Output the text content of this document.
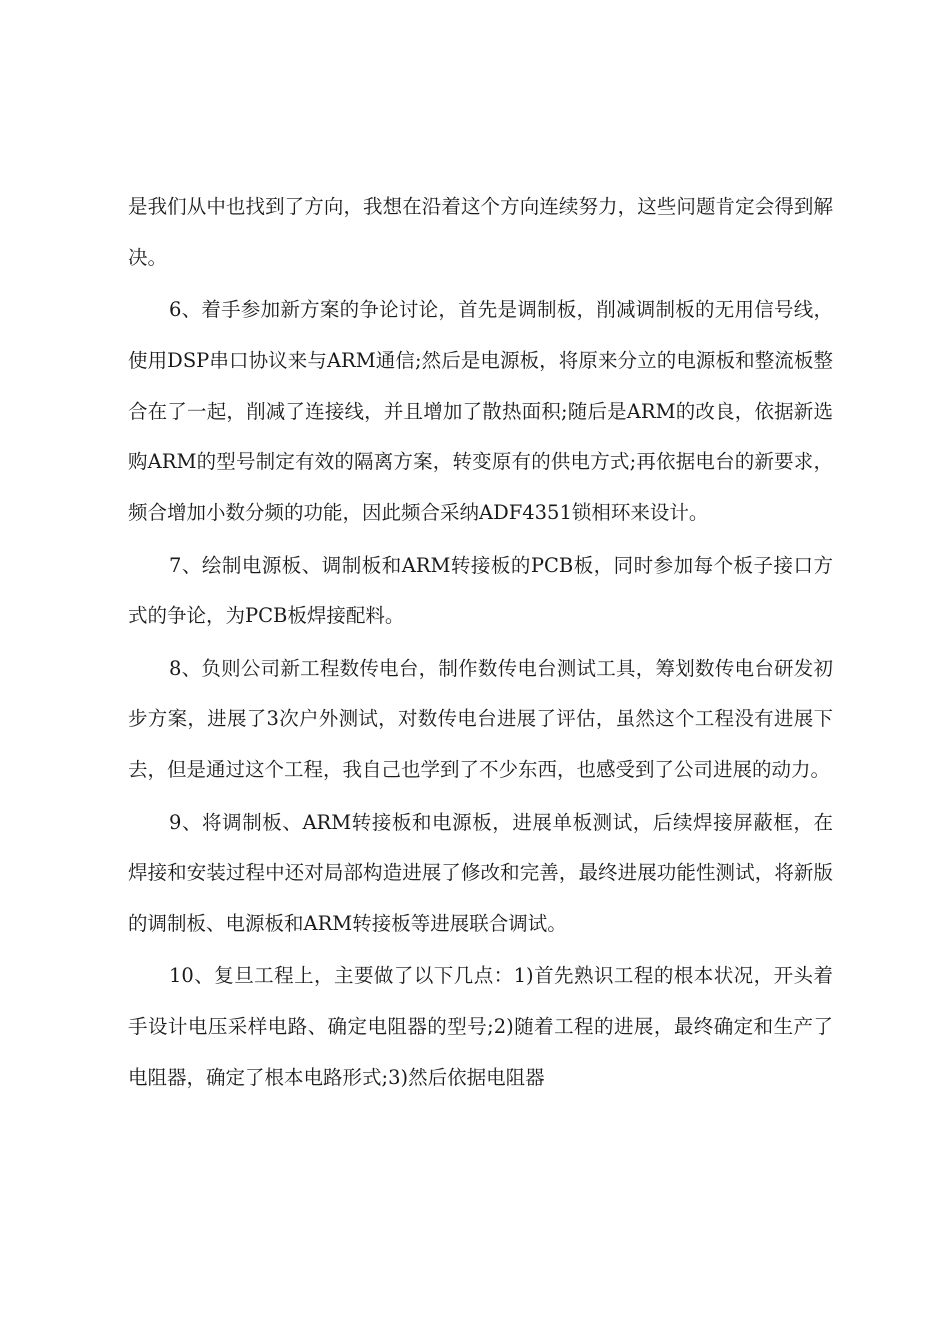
是我们从中也找到了方向，我想在沿着这个方向连续努力，这些问题肯定会得到解决。

6、着手参加新方案的争论讨论，首先是调制板，削减调制板的无用信号线，使用DSP串口协议来与ARM通信;然后是电源板，将原来分立的电源板和整流板整合在了一起，削减了连接线，并且增加了散热面积;随后是ARM的改良，依据新选购ARM的型号制定有效的隔离方案，转变原有的供电方式;再依据电台的新要求，频合增加小数分频的功能，因此频合采纳ADF4351锁相环来设计。

7、绘制电源板、调制板和ARM转接板的PCB板，同时参加每个板子接口方式的争论，为PCB板焊接配料。

8、负则公司新工程数传电台，制作数传电台测试工具，筹划数传电台研发初步方案，进展了3次户外测试，对数传电台进展了评估，虽然这个工程没有进展下去，但是通过这个工程，我自己也学到了不少东西，也感受到了公司进展的动力。

9、将调制板、ARM转接板和电源板，进展单板测试，后续焊接屏蔽框，在焊接和安装过程中还对局部构造进展了修改和完善，最终进展功能性测试，将新版的调制板、电源板和ARM转接板等进展联合调试。

10、复旦工程上，主要做了以下几点：1)首先熟识工程的根本状况，开头着手设计电压采样电路、确定电阻器的型号;2)随着工程的进展，最终确定和生产了电阻器，确定了根本电路形式;3)然后依据电阻器
